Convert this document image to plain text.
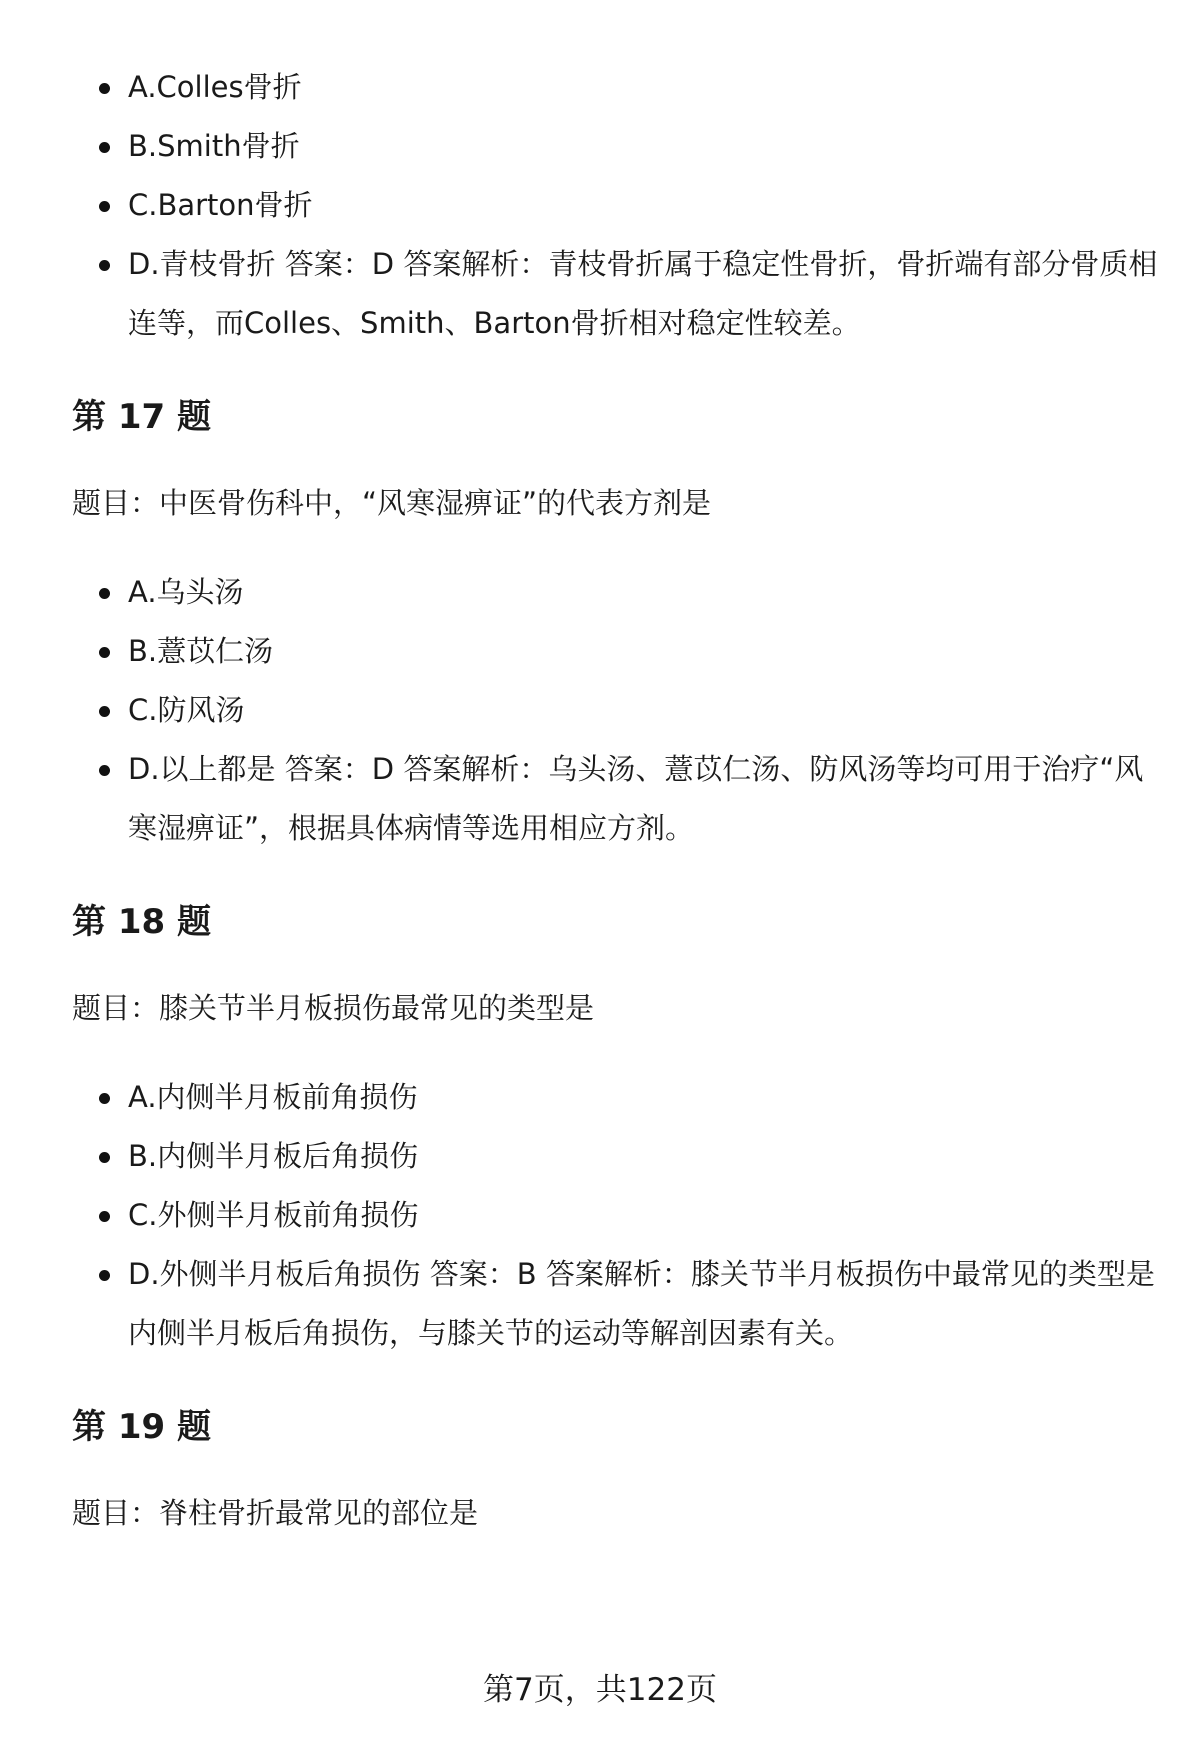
A.Colles骨折
B.Smith骨折
C.Barton骨折
D.青枝骨折 答案：D 答案解析：青枝骨折属于稳定性骨折，骨折端有部分骨质相连等，而Colles、Smith、Barton骨折相对稳定性较差。
第 17 题

题目：中医骨伤科中，“风寒湿痹证”的代表方剂是

A.乌头汤
B.薏苡仁汤
C.防风汤
D.以上都是 答案：D 答案解析：乌头汤、薏苡仁汤、防风汤等均可用于治疗“风寒湿痹证”，根据具体病情等选用相应方剂。
第 18 题

题目：膝关节半月板损伤最常见的类型是

A.内侧半月板前角损伤
B.内侧半月板后角损伤
C.外侧半月板前角损伤
D.外侧半月板后角损伤 答案：B 答案解析：膝关节半月板损伤中最常见的类型是内侧半月板后角损伤，与膝关节的运动等解剖因素有关。
第 19 题

题目：脊柱骨折最常见的部位是

第7页，共122页
